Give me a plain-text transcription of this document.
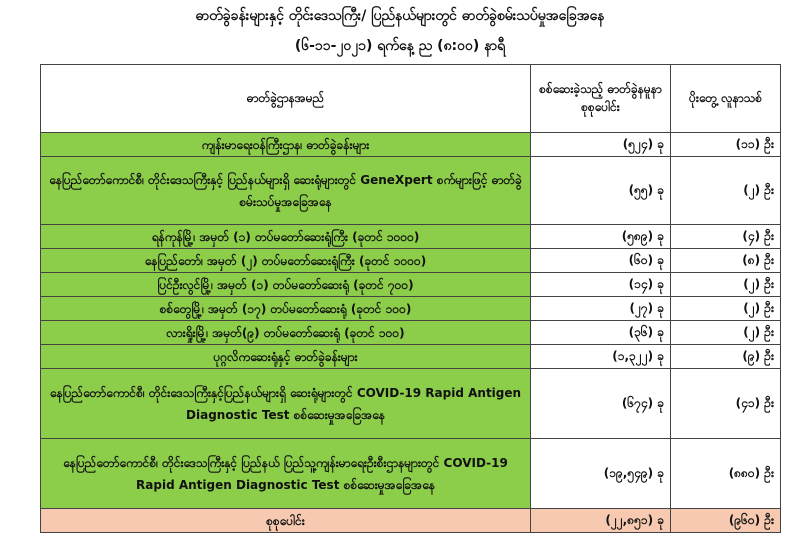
ဓာတ်ခွဲခန်းများနှင့် တိုင်းဒေသကြီး/ ပြည်နယ်များတွင် ဓာတ်ခွဲစမ်းသပ်မှုအခြေအနေ
(၆-၁၁-၂၀၂၁) ရက်နေ့ ည (၈:၀၀) နာရီ
ဓာတ်ခွဲဌာနအမည်	စစ်ဆေးခဲ့သည့် ဓာတ်ခွဲနမူနာ စုစုပေါင်း	ပိုးတွေ့ လူနာသစ်
ကျန်းမာရေးဝန်ကြီးဌာန၊ ဓာတ်ခွဲခန်းများ	(၅၂၄) ခု	(၁၁) ဦး
နေပြည်တော်ကောင်စီ၊ တိုင်းဒေသကြီးနှင့် ပြည်နယ်များရှိ ဆေးရုံများတွင် GeneXpert စက်များဖြင့် ဓာတ်ခွဲစမ်းသပ်မှုအခြေအနေ	(၅၅) ခု	(၂) ဦး
ရန်ကုန်မြို့၊ အမှတ် (၁) တပ်မတော်ဆေးရုံကြီး (ခုတင် ၁၀၀၀)	(၅၈၉) ခု	(၄) ဦး
နေပြည်တော်၊ အမှတ် (၂) တပ်မတော်ဆေးရုံကြီး (ခုတင် ၁၀၀၀)	(၆၀) ခု	(၈) ဦး
ပြင်ဦးလွင်မြို့၊ အမှတ် (၁) တပ်မတော်ဆေးရုံ (ခုတင် ၇၀၀)	(၁၄) ခု	(၂) ဦး
စစ်တွေမြို့၊ အမှတ် (၁၇) တပ်မတော်ဆေးရုံ (ခုတင် ၁၀၀)	(၂၇) ခု	(၂) ဦး
လားရှိုးမြို့၊ အမှတ်(၉) တပ်မတော်ဆေးရုံ (ခုတင် ၁၀၀)	(၃၆) ခု	(၂) ဦး
ပုဂ္ဂလိကဆေးရုံနှင့် ဓာတ်ခွဲခန်းများ	(၁,၃၂၂) ခု	(၉) ဦး
နေပြည်တော်ကောင်စီ၊ တိုင်းဒေသကြီးနှင့်ပြည်နယ်များရှိ ဆေးရုံများတွင် COVID-19 Rapid Antigen Diagnostic Test စစ်ဆေးမှုအခြေအနေ	(၆၇၄) ခု	(၄၁) ဦး
နေပြည်တော်ကောင်စီ၊ တိုင်းဒေသကြီးနှင့် ပြည်နယ် ပြည်သူ့ကျန်းမာရေးဦးစီးဌာနများတွင် COVID-19 Rapid Antigen Diagnostic Test စစ်ဆေးမှုအခြေအနေ	(၁၉,၅၄၉) ခု	(၈၈၀) ဦး
စုစုပေါင်း	(၂၂,၈၅၁) ခု	(၉၆၀) ဦး
